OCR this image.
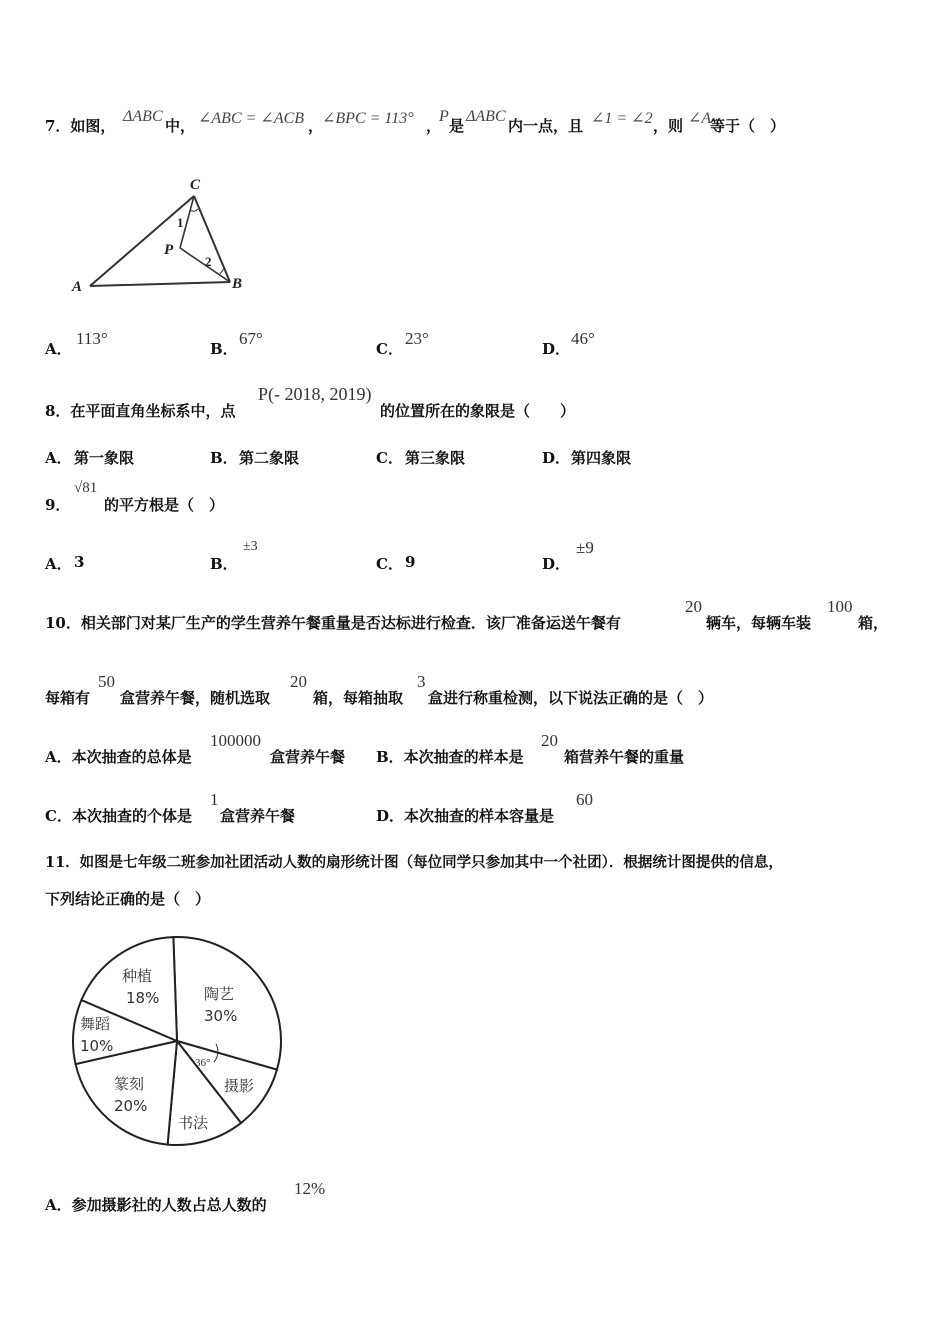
7．如图，
ΔABC
中， ∠ABC = ∠ACB ，
∠BPC = 113° ，
P
是
ΔABC
内一点，且 ∠1 = ∠2 ，则 ∠A
等于（　）
C
A	B
P
1
2
A．
113°
B．
67°
C．
23°
D．
46°
8．在平面直角坐标系中，点
P(- 2018, 2019)
的位置所在的象限是（　　）
A． 第一象限	B． 第二象限	C． 第三象限	D． 第四象限
9．
√81
的平方根是（　）
A． 3	B．
±3
C． 9	D．
±9
10．相关部门对某厂生产的学生营养午餐重量是否达标进行检查．该厂准备运送午餐有
20
辆车，每辆车装
100
箱，
每箱有
50
盒营养午餐，随机选取
20
箱，每箱抽取
3
盒进行称重检测，以下说法正确的是（　）
A．本次抽查的总体是
100000
盒营养午餐 B．本次抽查的样本是
20
箱营养午餐的重量
C．本次抽查的个体是
1
盒营养午餐	D．本次抽查的样本容量是
60
11．如图是七年级二班参加社团活动人数的扇形统计图（每位同学只参加其中一个社团）．根据统计图提供的信息，
下列结论正确的是（　）
种植
18%	陶艺
30%
舞蹈
10%
篆刻
20%
摄影
书法
36°
A．参加摄影社的人数占总人数的
12%
